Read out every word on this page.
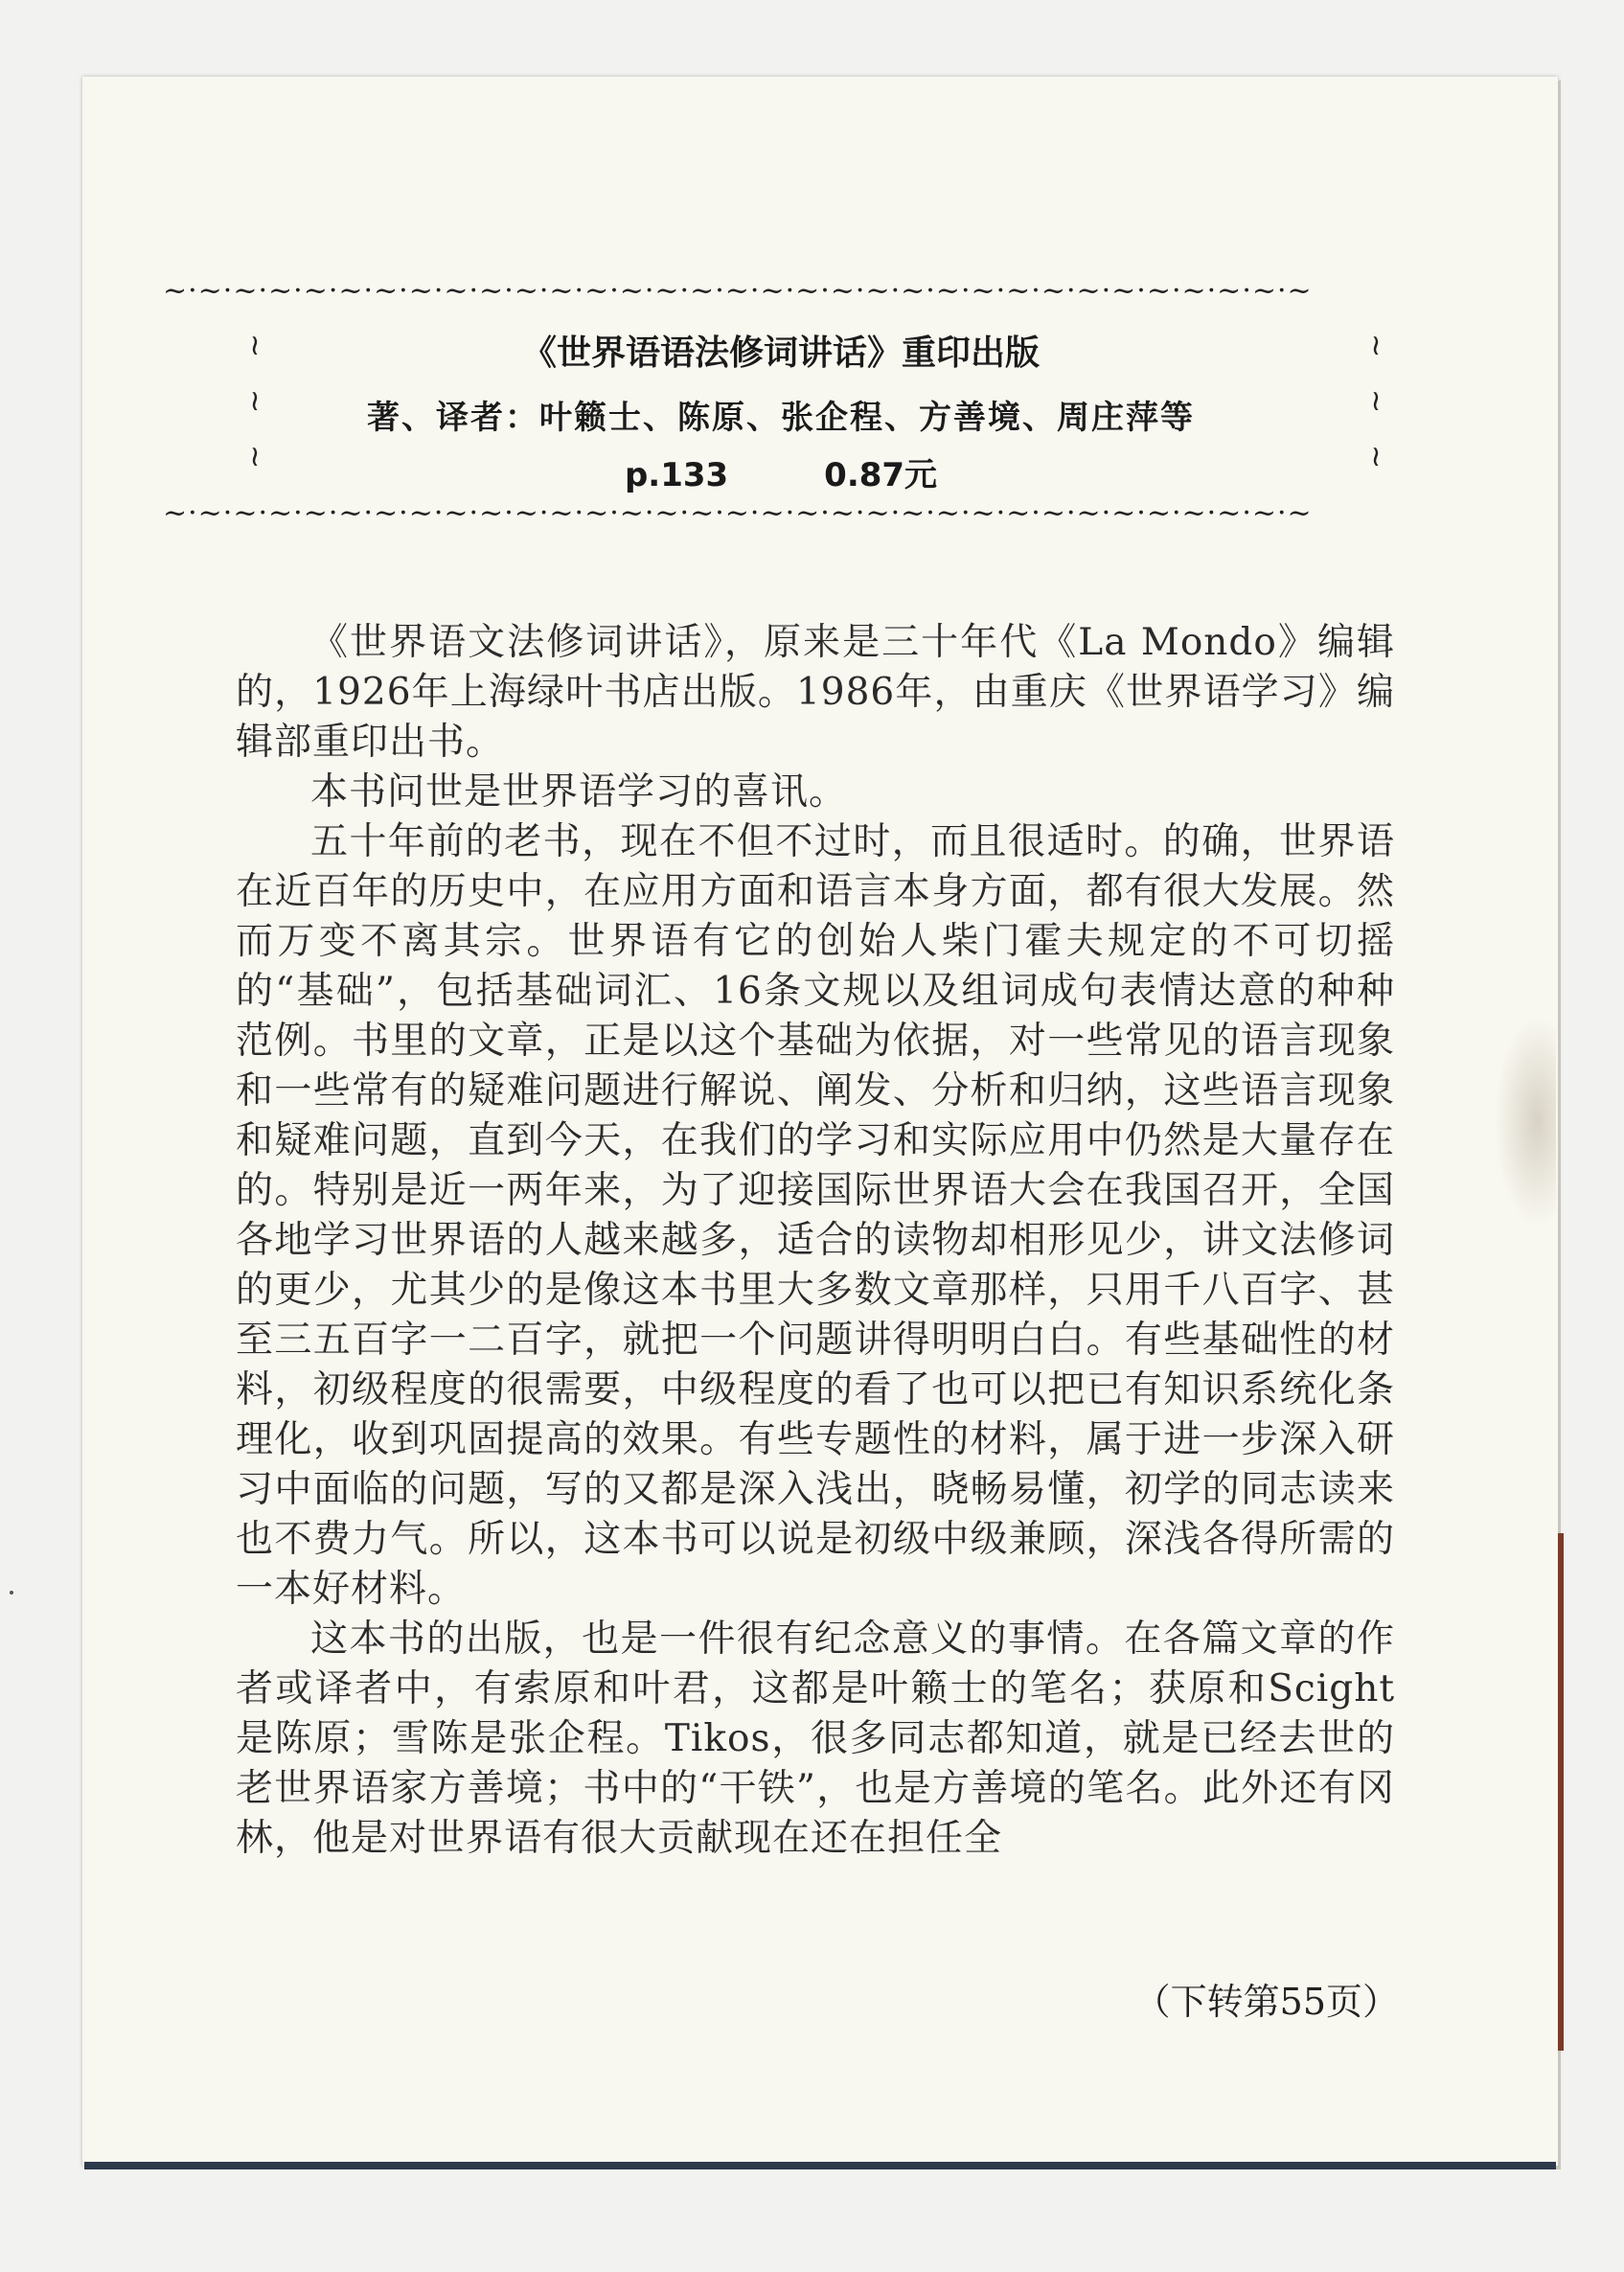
~·~·~·~·~·~·~·~·~·~·~·~·~·~·~·~·~·~·~·~·~·~·~·~·~·~·~·~·~·~·~·~·~
≀
≀
≀
≀
≀
≀
《世界语语法修词讲话》重印出版
著、译者：叶籁士、陈原、张企程、方善境、周庄萍等
p.133	0.87元
~·~·~·~·~·~·~·~·~·~·~·~·~·~·~·~·~·~·~·~·~·~·~·~·~·~·~·~·~·~·~·~·~

《世界语文法修词讲话》，原来是三十年代《La Mondo》编辑的，1926年上海绿叶书店出版。1986年，由重庆《世界语学习》编辑部重印出书。

本书问世是世界语学习的喜讯。

五十年前的老书，现在不但不过时，而且很适时。的确，世界语在近百年的历史中，在应用方面和语言本身方面，都有很大发展。然而万变不离其宗。世界语有它的创始人柴门霍夫规定的不可切摇的“基础”，包括基础词汇、16条文规以及组词成句表情达意的种种范例。书里的文章，正是以这个基础为依据，对一些常见的语言现象和一些常有的疑难问题进行解说、阐发、分析和归纳，这些语言现象和疑难问题，直到今天，在我们的学习和实际应用中仍然是大量存在的。特别是近一两年来，为了迎接国际世界语大会在我国召开，全国各地学习世界语的人越来越多，适合的读物却相形见少，讲文法修词的更少，尤其少的是像这本书里大多数文章那样，只用千八百字、甚至三五百字一二百字，就把一个问题讲得明明白白。有些基础性的材料，初级程度的很需要，中级程度的看了也可以把已有知识系统化条理化，收到巩固提高的效果。有些专题性的材料，属于进一步深入研习中面临的问题，写的又都是深入浅出，晓畅易懂，初学的同志读来也不费力气。所以，这本书可以说是初级中级兼顾，深浅各得所需的一本好材料。

这本书的出版，也是一件很有纪念意义的事情。在各篇文章的作者或译者中，有索原和叶君，这都是叶籁士的笔名；获原和Scight是陈原；雪陈是张企程。Tikos，很多同志都知道，就是已经去世的老世界语家方善境；书中的“干铁”，也是方善境的笔名。此外还有冈林，他是对世界语有很大贡献现在还在担任全

（下转第55页）
